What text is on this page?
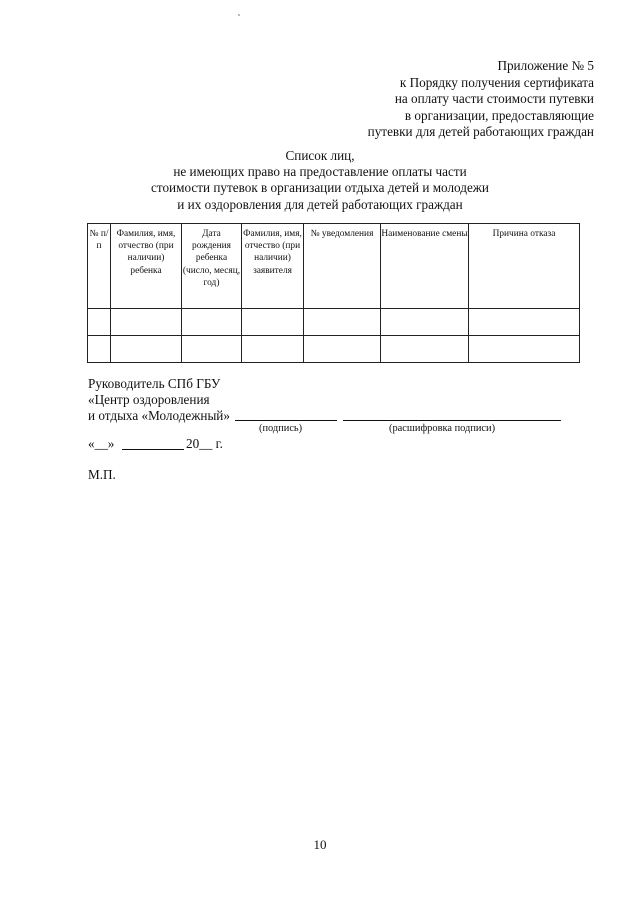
Приложение № 5
к Порядку получения сертификата
на оплату части стоимости путевки
в организации, предоставляющие
путевки для детей работающих граждан
Список лиц,
не имеющих право на предоставление оплаты части
стоимости путевок в организации отдыха детей и молодежи
и их оздоровления для детей работающих граждан
№ п/п	Фамилия, имя, отчество (при наличии) ребенка	Дата рождения ребенка (число, месяц, год)	Фамилия, имя, отчество (при наличии) заявителя	№ уведомления	Наименование смены	Причина отказа

Руководитель СПб ГБУ
«Центр оздоровления
и отдыха «Молодежный»
(подпись)	(расшифровка подписи)
«__»	20__ г.
М.П.
10
